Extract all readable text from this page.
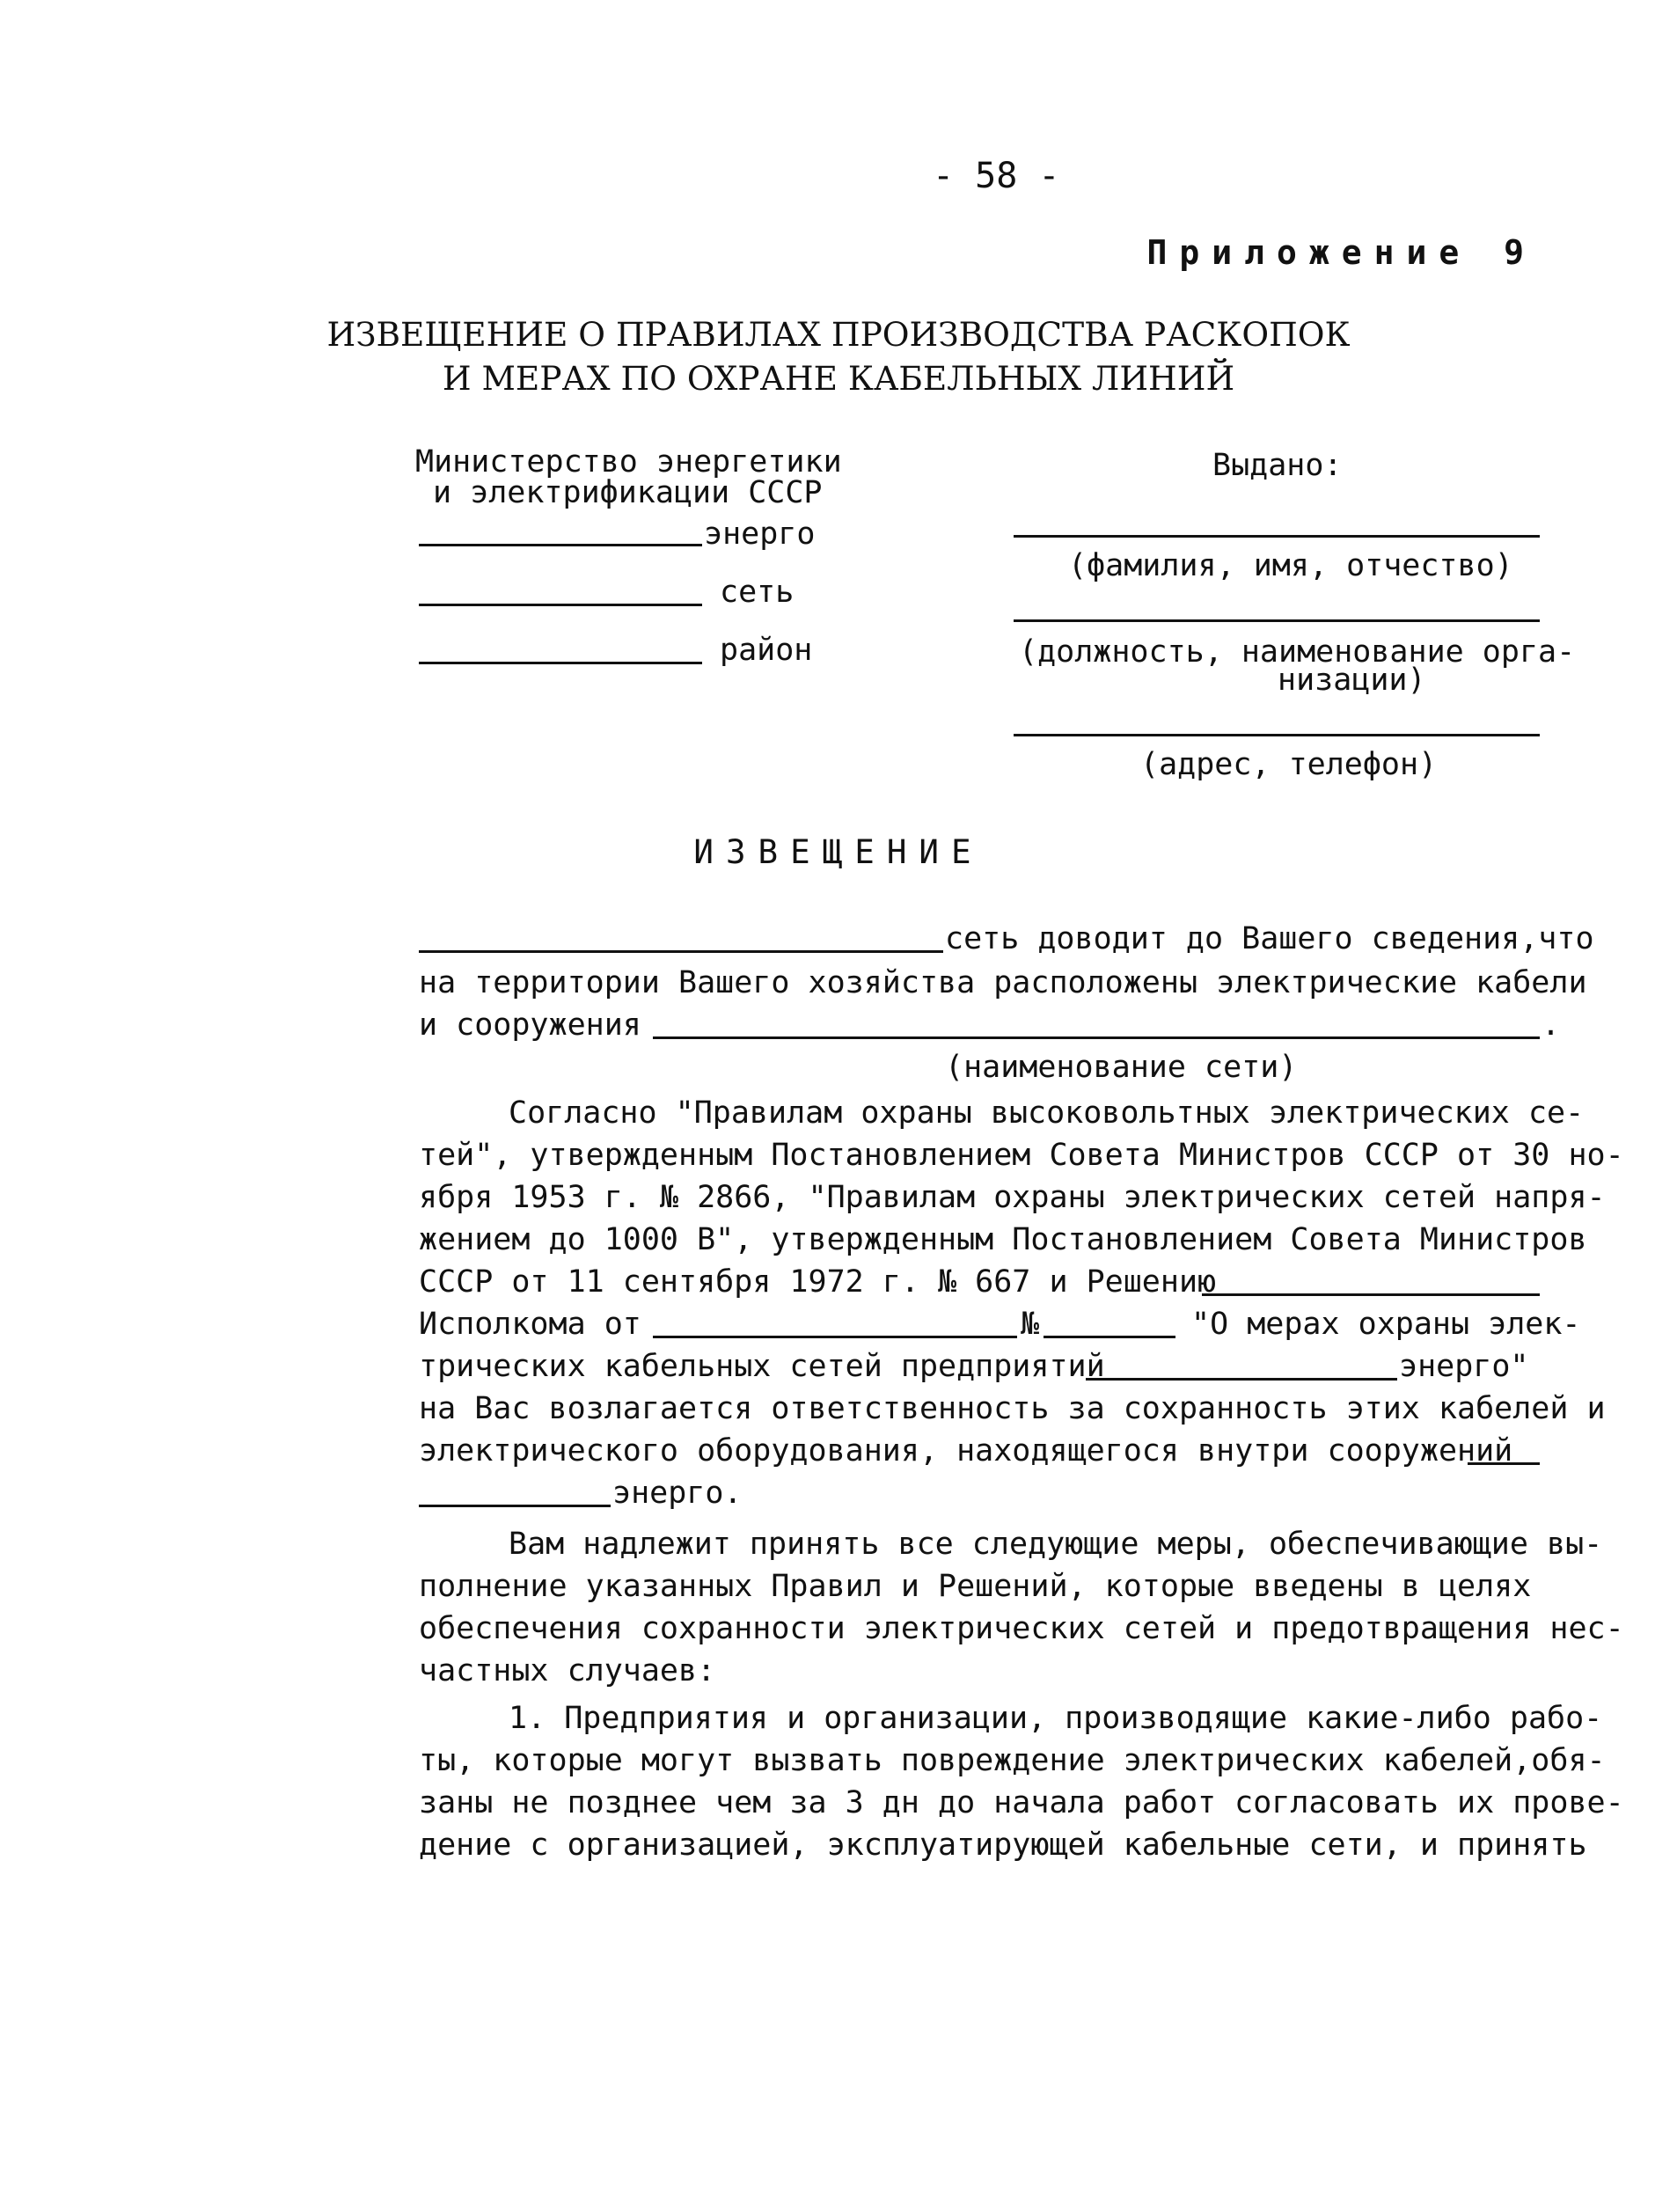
- 58 -
Приложение 9
ИЗВЕЩЕНИЕ О ПРАВИЛАХ ПРОИЗВОДСТВА РАСКОПОК
И МЕРАХ ПО ОХРАНЕ КАБЕЛЬНЫХ ЛИНИЙ
Министерство энергетики
и электрификации СССР
энерго
сеть
район
Выдано:
(фамилия, имя, отчество)
(должность, наименование орга-
низации)
(адрес, телефон)
ИЗВЕЩЕНИЕ
сеть доводит до Вашего сведения,что
на территории Вашего хозяйства расположены электрические кабели
и сооружения	.
(наименование сети)
Согласно "Правилам охраны высоковольтных электрических се-
тей", утвержденным Постановлением Совета Министров СССР от 30 но-
ября 1953 г. № 2866, "Правилам охраны электрических сетей напря-
жением до 1000 В", утвержденным Постановлением Совета Министров
СССР от 11 сентября 1972 г. № 667 и Решению
Исполкома от	№	"О мерах охраны элек-
трических кабельных сетей предприятий	энерго"
на Вас возлагается ответственность за сохранность этих кабелей и
электрического оборудования, находящегося внутри сооружений
энерго.
Вам надлежит принять все следующие меры, обеспечивающие вы-
полнение указанных Правил и Решений, которые введены в целях
обеспечения сохранности электрических сетей и предотвращения нес-
частных случаев:
1. Предприятия и организации, производящие какие-либо рабо-
ты, которые могут вызвать повреждение электрических кабелей,обя-
заны не позднее чем за 3 дн до начала работ согласовать их прове-
дение с организацией, эксплуатирующей кабельные сети, и принять
